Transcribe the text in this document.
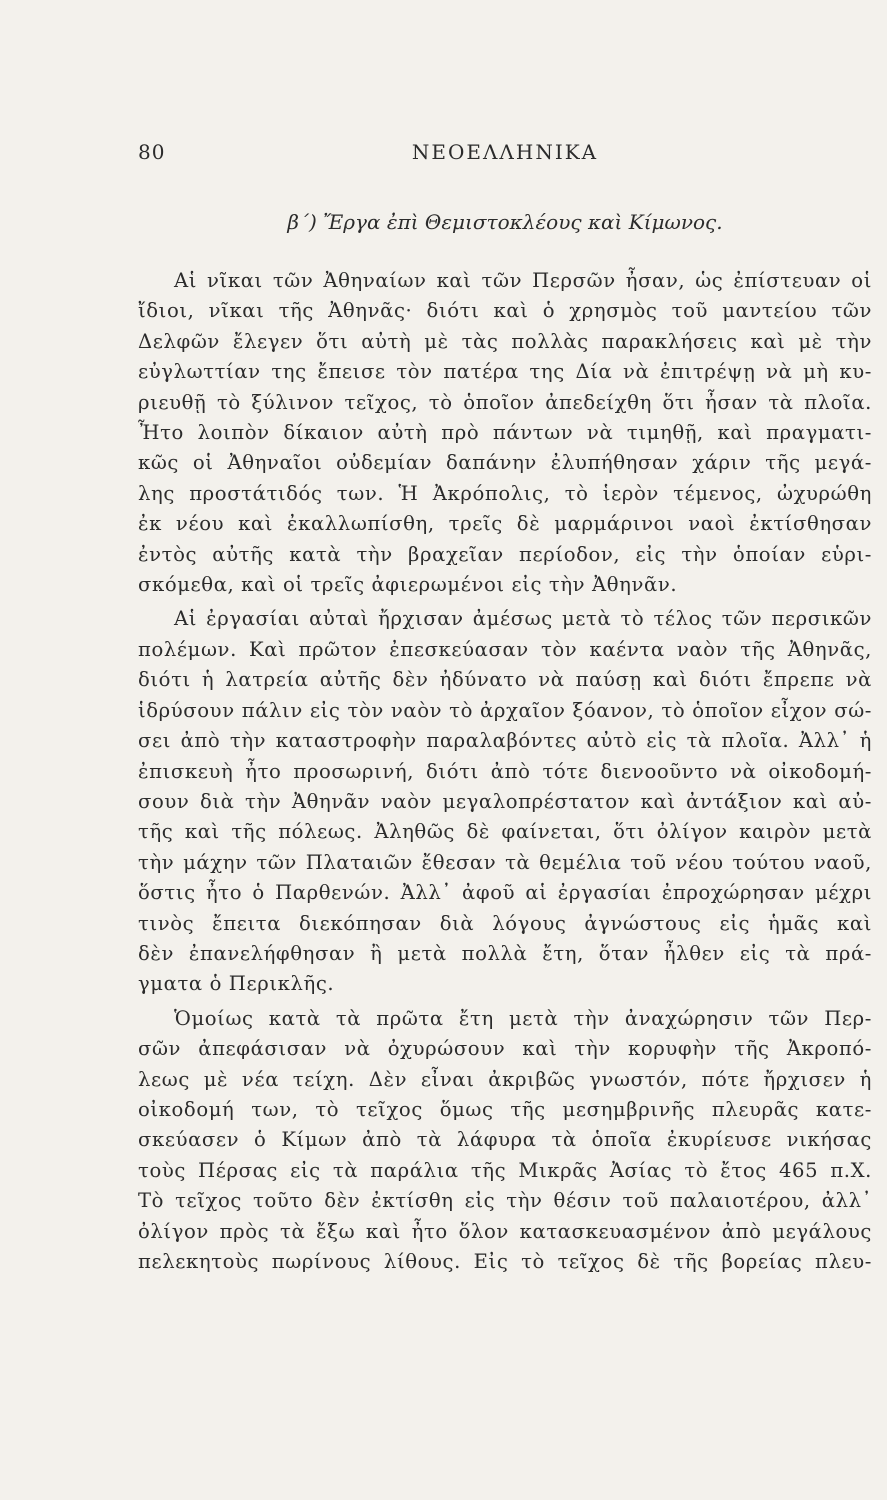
80	ΝΕΟΕΛΛΗΝΙΚΑ
β΄) Ἔργα ἐπὶ Θεμιστοκλέους καὶ Κίμωνος.
Αἱ νῖκαι τῶν Ἀθηναίων καὶ τῶν Περσῶν ἦσαν, ὡς ἐπίστευαν οἱ
ἴδιοι, νῖκαι τῆς Ἀθηνᾶς· διότι καὶ ὁ χρησμὸς τοῦ μαντείου τῶν
Δελφῶν ἔλεγεν ὅτι αὐτὴ μὲ τὰς πολλὰς παρακλήσεις καὶ μὲ τὴν
εὐγλωττίαν της ἔπεισε τὸν πατέρα της Δία νὰ ἐπιτρέψῃ νὰ μὴ κυ-
ριευθῇ τὸ ξύλινον τεῖχος, τὸ ὁποῖον ἀπεδείχθη ὅτι ἦσαν τὰ πλοῖα.
Ἦτο λοιπὸν δίκαιον αὐτὴ πρὸ πάντων νὰ τιμηθῇ, καὶ πραγματι-
κῶς οἱ Ἀθηναῖοι οὐδεμίαν δαπάνην ἐλυπήθησαν χάριν τῆς μεγά-
λης προστάτιδός των. Ἡ Ἀκρόπολις, τὸ ἱερὸν τέμενος, ὠχυρώθη
ἐκ νέου καὶ ἐκαλλωπίσθη, τρεῖς δὲ μαρμάρινοι ναοὶ ἐκτίσθησαν
ἐντὸς αὐτῆς κατὰ τὴν βραχεῖαν περίοδον, εἰς τὴν ὁποίαν εὑρι-
σκόμεθα, καὶ οἱ τρεῖς ἀφιερωμένοι εἰς τὴν Ἀθηνᾶν.
Αἱ ἐργασίαι αὐταὶ ἤρχισαν ἀμέσως μετὰ τὸ τέλος τῶν περσικῶν
πολέμων. Καὶ πρῶτον ἐπεσκεύασαν τὸν καέντα ναὸν τῆς Ἀθηνᾶς,
διότι ἡ λατρεία αὐτῆς δὲν ἠδύνατο νὰ παύσῃ καὶ διότι ἔπρεπε νὰ
ἱδρύσουν πάλιν εἰς τὸν ναὸν τὸ ἀρχαῖον ξόανον, τὸ ὁποῖον εἶχον σώ-
σει ἀπὸ τὴν καταστροφὴν παραλαβόντες αὐτὸ εἰς τὰ πλοῖα. Ἀλλ᾿ ἡ
ἐπισκευὴ ἦτο προσωρινή, διότι ἀπὸ τότε διενοοῦντο νὰ οἰκοδομή-
σουν διὰ τὴν Ἀθηνᾶν ναὸν μεγαλοπρέστατον καὶ ἀντάξιον καὶ αὐ-
τῆς καὶ τῆς πόλεως. Ἀληθῶς δὲ φαίνεται, ὅτι ὀλίγον καιρὸν μετὰ
τὴν μάχην τῶν Πλαταιῶν ἔθεσαν τὰ θεμέλια τοῦ νέου τούτου ναοῦ,
ὅστις ἦτο ὁ Παρθενών. Ἀλλ᾿ ἀφοῦ αἱ ἐργασίαι ἐπροχώρησαν μέχρι
τινὸς ἔπειτα διεκόπησαν διὰ λόγους ἀγνώστους εἰς ἡμᾶς καὶ
δὲν ἐπανελήφθησαν ἢ μετὰ πολλὰ ἔτη, ὅταν ἦλθεν εἰς τὰ πρά-
γματα ὁ Περικλῆς.
Ὁμοίως κατὰ τὰ πρῶτα ἔτη μετὰ τὴν ἀναχώρησιν τῶν Περ-
σῶν ἀπεφάσισαν νὰ ὀχυρώσουν καὶ τὴν κορυφὴν τῆς Ἀκροπό-
λεως μὲ νέα τείχη. Δὲν εἶναι ἀκριβῶς γνωστόν, πότε ἤρχισεν ἡ
οἰκοδομή των, τὸ τεῖχος ὅμως τῆς μεσημβρινῆς πλευρᾶς κατε-
σκεύασεν ὁ Κίμων ἀπὸ τὰ λάφυρα τὰ ὁποῖα ἐκυρίευσε νικήσας
τοὺς Πέρσας εἰς τὰ παράλια τῆς Μικρᾶς Ἀσίας τὸ ἔτος 465 π.Χ.
Τὸ τεῖχος τοῦτο δὲν ἐκτίσθη εἰς τὴν θέσιν τοῦ παλαιοτέρου, ἀλλ᾿
ὀλίγον πρὸς τὰ ἔξω καὶ ἦτο ὅλον κατασκευασμένον ἀπὸ μεγάλους
πελεκητοὺς πωρίνους λίθους. Εἰς τὸ τεῖχος δὲ τῆς βορείας πλευ-
